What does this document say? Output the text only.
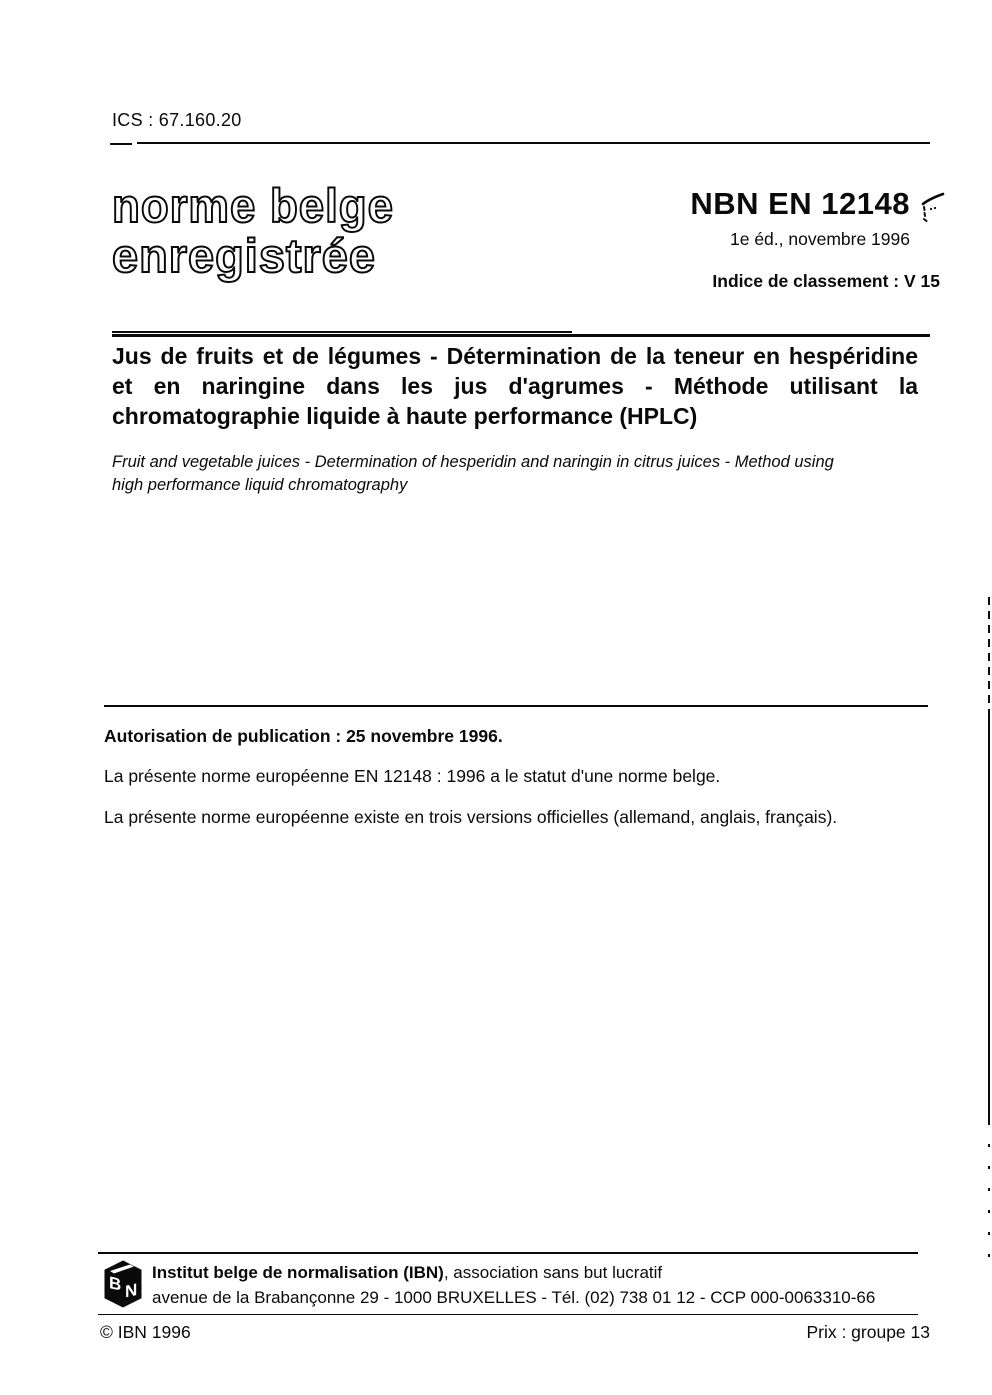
ICS : 67.160.20
norme belge
enregistrée
NBN EN 12148
1e éd., novembre 1996
Indice de classement : V 15
Jus de fruits et de légumes - Détermination de la teneur en hespéridine
et en naringine dans les jus d'agrumes - Méthode utilisant la
chromatographie liquide à haute performance (HPLC)
Fruit and vegetable juices - Determination of hesperidin and naringin in citrus juices - Method using
high performance liquid chromatography
Autorisation de publication : 25 novembre 1996.
La présente norme européenne EN 12148 : 1996 a le statut d'une norme belge.
La présente norme européenne existe en trois versions officielles (allemand, anglais, français).
B N
Institut belge de normalisation (IBN), association sans but lucratif
avenue de la Brabançonne 29 - 1000 BRUXELLES - Tél. (02) 738 01 12 - CCP 000-0063310-66
© IBN 1996	Prix : groupe 13
